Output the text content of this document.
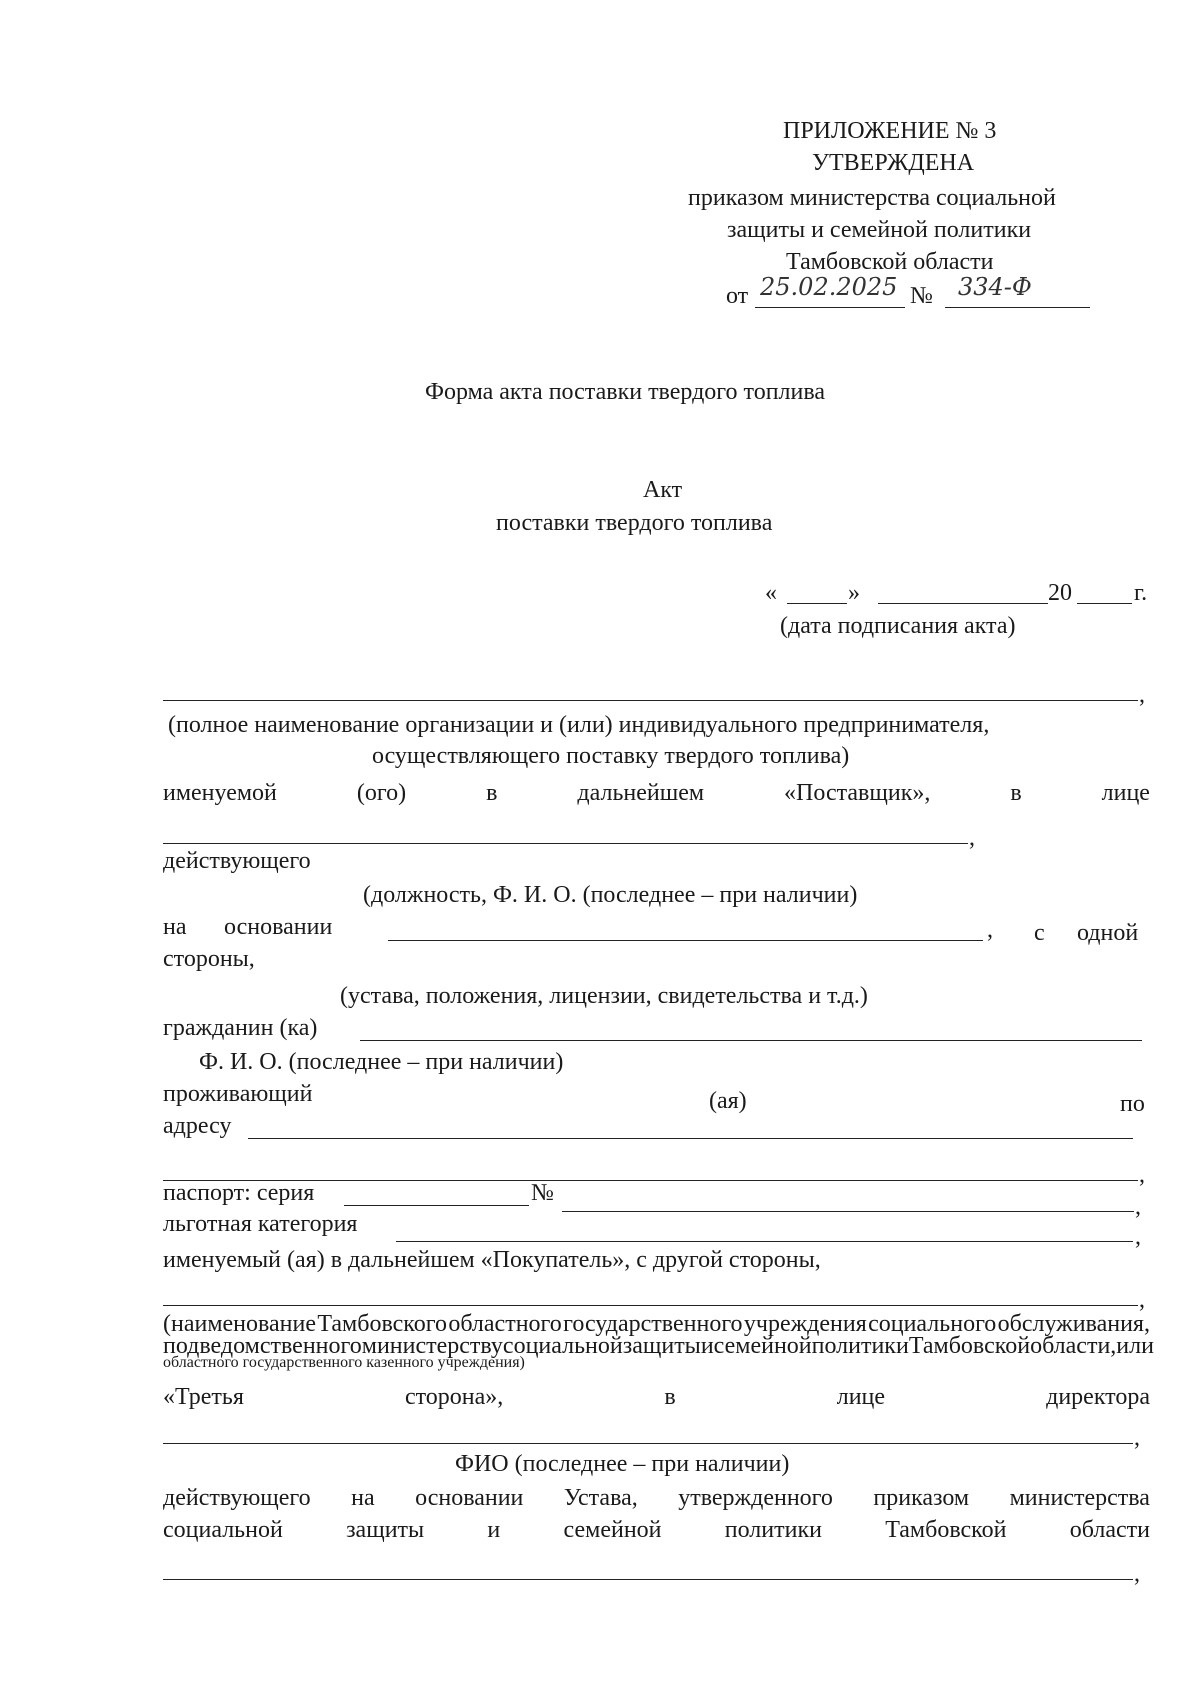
ПРИЛОЖЕНИЕ № 3
УТВЕРЖДЕНА
приказом министерства социальной
защиты и семейной политики
Тамбовской области
от 25.02.2025 № 334-Ф
Форма акта поставки твердого топлива
Акт
поставки твердого топлива
«	»	20	г.
(дата подписания акта)
,
(полное наименование организации и (или) индивидуального предпринимателя,
осуществляющего поставку твердого топлива)
именуемой	(ого)	в	дальнейшем	«Поставщик»,	в	лице
,
действующего
(должность, Ф. И. О. (последнее – при наличии)
на основании	, с одной
стороны,
(устава, положения, лицензии, свидетельства и т.д.)
гражданин (ка)
Ф. И. О. (последнее – при наличии)
проживающий	(ая)	по
адресу
,
паспорт: серия	№
,
льготная категория	,
именуемый (ая) в дальнейшем «Покупатель», с другой стороны,
,
(наименование Тамбовского областного государственного учреждения социального обслуживания,
подведомственного министерству социальной защиты и семейной политики Тамбовской области, или
областного государственного казенного учреждения)
«Третья	сторона»,	в	лице	директора
,
ФИО (последнее – при наличии)
действующего на основании Устава, утвержденного приказом министерства
социальной	защиты	и	семейной	политики	Тамбовской	области
,
